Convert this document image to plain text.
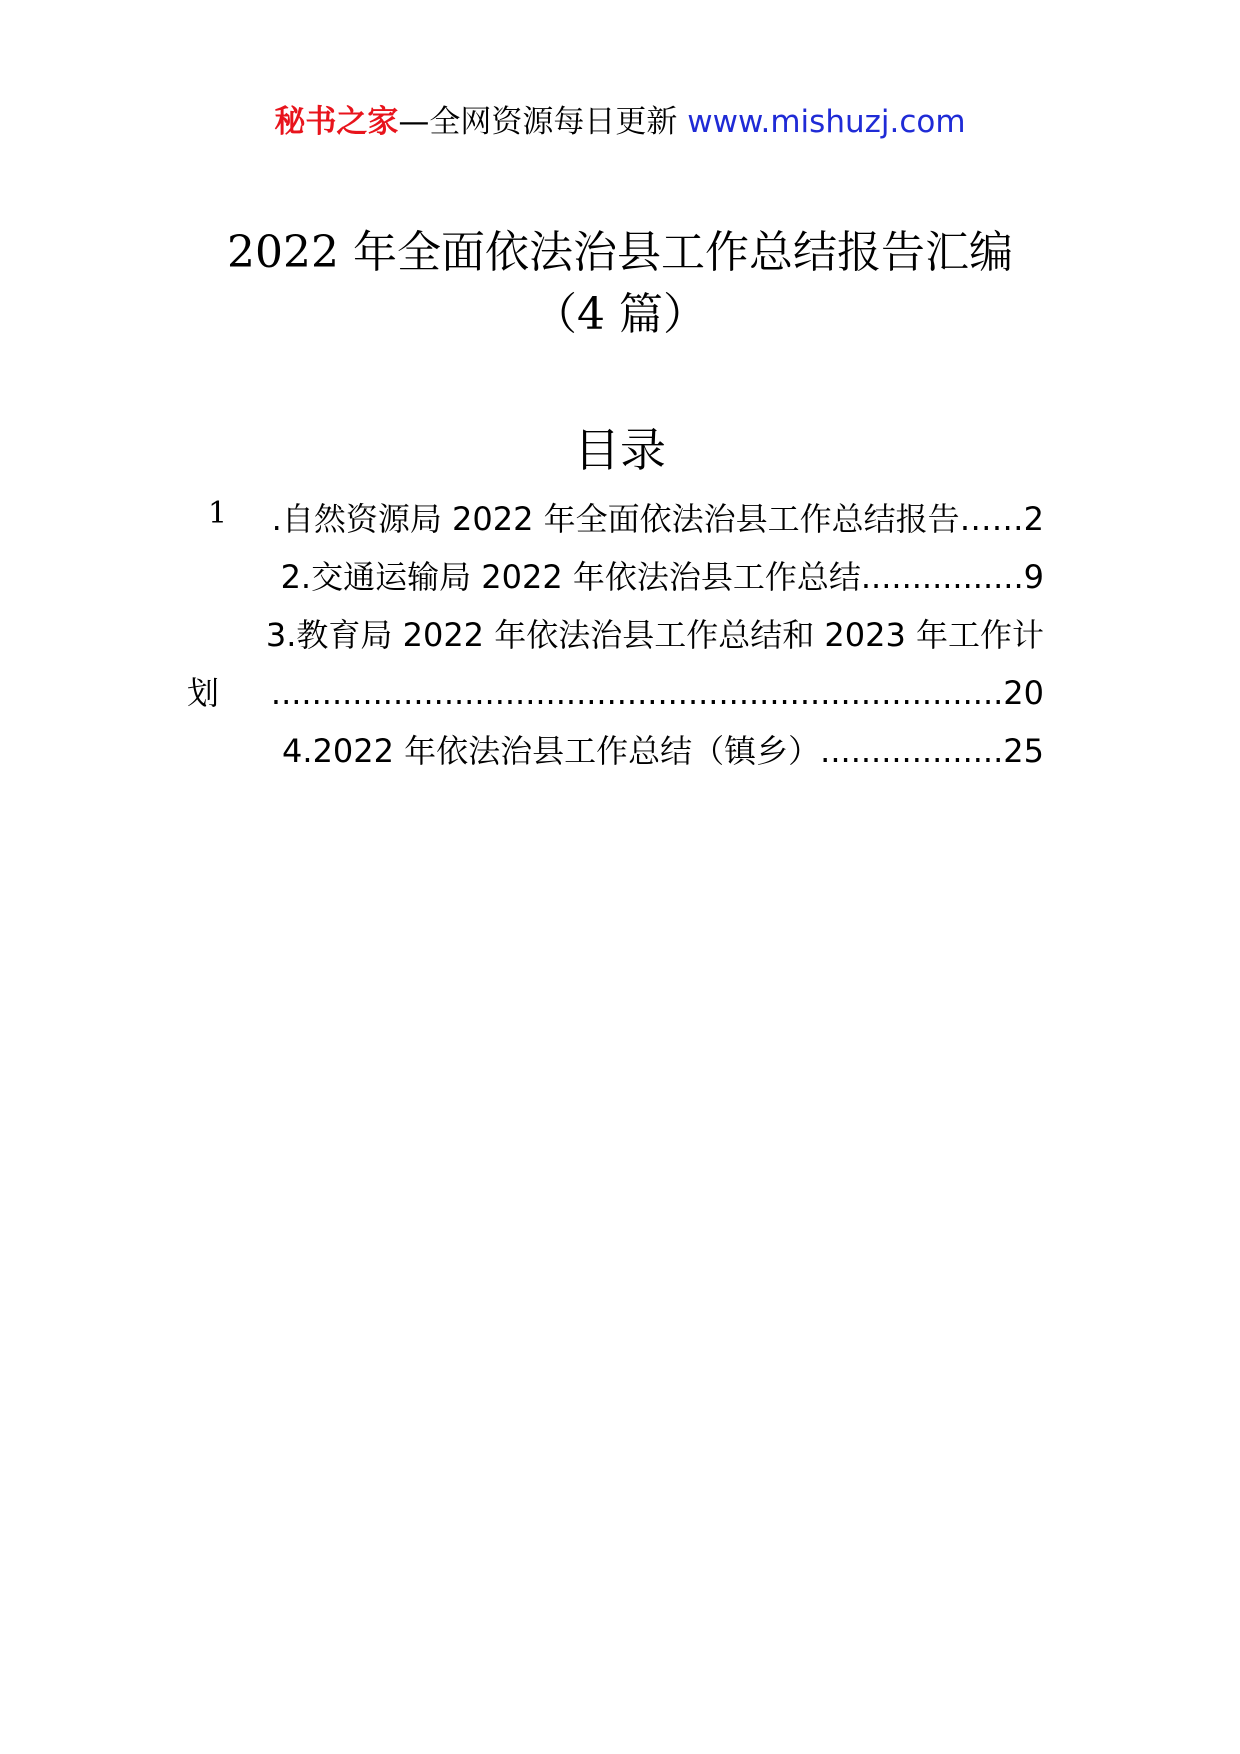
秘书之家—全网资源每日更新 www.mishuzj.com
2022 年全面依法治县工作总结报告汇编
（4 篇）
目录
1 .自然资源局 2022 年全面依法治县工作总结报告……2
2.交通运输局 2022 年依法治县工作总结................9
3.教育局 2022 年依法治县工作总结和 2023 年工作计
划 ........................................................................20
4.2022 年依法治县工作总结（镇乡）..................25
